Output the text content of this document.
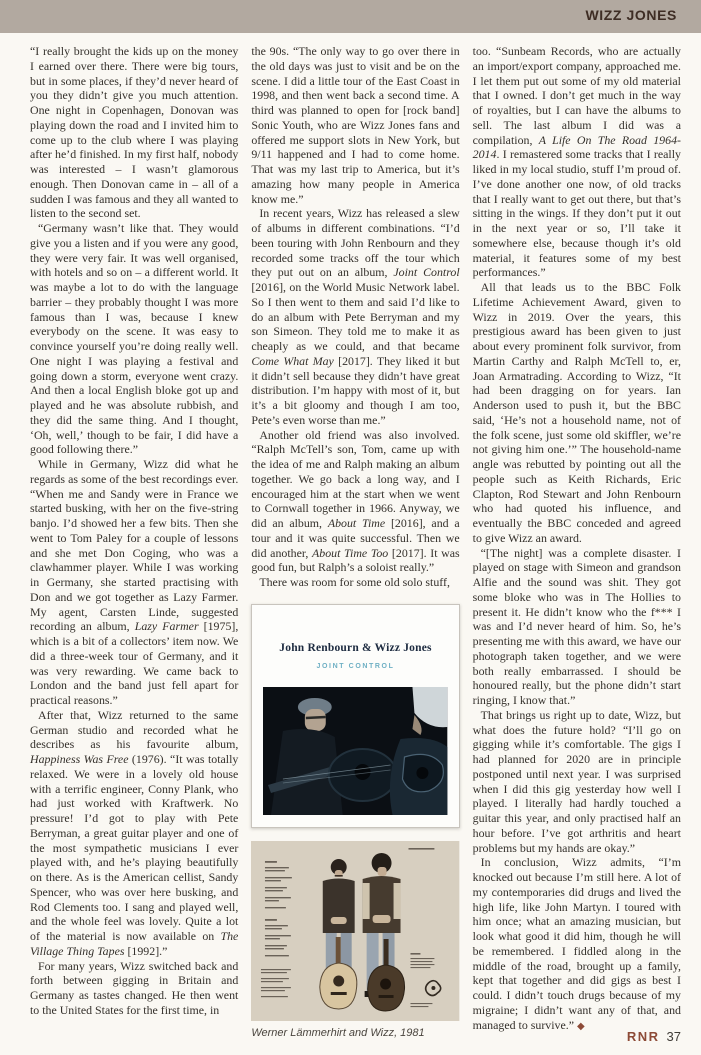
WIZZ JONES

“I really brought the kids up on the money I earned over there. There were big tours, but in some places, if they’d never heard of you they didn’t give you much attention. One night in Copenhagen, Donovan was playing down the road and I invited him to come up to the club where I was playing after he’d finished. In my first half, nobody was interested – I wasn’t glamorous enough. Then Donovan came in – all of a sudden I was famous and they all wanted to listen to the second set.

“Germany wasn’t like that. They would give you a listen and if you were any good, they were very fair. It was well organised, with hotels and so on – a different world. It was maybe a lot to do with the language barrier – they probably thought I was more famous than I was, because I knew everybody on the scene. It was easy to convince yourself you’re doing really well. One night I was playing a festival and going down a storm, everyone went crazy. And then a local English bloke got up and played and he was absolute rubbish, and they did the same thing. And I thought, ‘Oh, well,’ though to be fair, I did have a good following there.”

While in Germany, Wizz did what he regards as some of the best recordings ever. “When me and Sandy were in France we started busking, with her on the five-string banjo. I’d showed her a few bits. Then she went to Tom Paley for a couple of lessons and she met Don Coging, who was a clawhammer player. While I was working in Germany, she started practising with Don and we got together as Lazy Farmer. My agent, Carsten Linde, suggested recording an album, Lazy Farmer [1975], which is a bit of a collectors’ item now. We did a three-week tour of Germany, and it was very rewarding. We came back to London and the band just fell apart for practical reasons.”

After that, Wizz returned to the same German studio and recorded what he describes as his favourite album, Happiness Was Free (1976). “It was totally relaxed. We were in a lovely old house with a terrific engineer, Conny Plank, who had just worked with Kraftwerk. No pressure! I’d got to play with Pete Berryman, a great guitar player and one of the most sympathetic musicians I ever played with, and he’s playing beautifully on there. As is the American cellist, Sandy Spencer, who was over here busking, and Rod Clements too. I sang and played well, and the whole feel was lovely. Quite a lot of the material is now available on The Village Thing Tapes [1992].”

For many years, Wizz switched back and forth between gigging in Britain and Germany as tastes changed. He then went to the United States for the first time, in

the 90s. “The only way to go over there in the old days was just to visit and be on the scene. I did a little tour of the East Coast in 1998, and then went back a second time. A third was planned to open for [rock band] Sonic Youth, who are Wizz Jones fans and offered me support slots in New York, but 9/11 happened and I had to come home. That was my last trip to America, but it’s amazing how many people in America know me.”

In recent years, Wizz has released a slew of albums in different combinations. “I’d been touring with John Renbourn and they recorded some tracks off the tour which they put out on an album, Joint Control [2016], on the World Music Network label. So I then went to them and said I’d like to do an album with Pete Berryman and my son Simeon. They told me to make it as cheaply as we could, and that became Come What May [2017]. They liked it but it didn’t sell because they didn’t have great distribution. I’m happy with most of it, but it’s a bit gloomy and though I am too, Pete’s even worse than me.”

Another old friend was also involved. “Ralph McTell’s son, Tom, came up with the idea of me and Ralph making an album together. We go back a long way, and I encouraged him at the start when we went to Cornwall together in 1966. Anyway, we did an album, About Time [2016], and a tour and it was quite successful. Then we did another, About Time Too [2017]. It was good fun, but Ralph’s a soloist really.”

There was room for some old solo stuff,

John Renbourn & Wizz Jones
JOINT CONTROL
Werner Lämmerhirt and Wizz, 1981

too. “Sunbeam Records, who are actually an import/export company, approached me. I let them put out some of my old material that I owned. I don’t get much in the way of royalties, but I can have the albums to sell. The last album I did was a compilation, A Life On The Road 1964-2014. I remastered some tracks that I really liked in my local studio, stuff I’m proud of. I’ve done another one now, of old tracks that I really want to get out there, but that’s sitting in the wings. If they don’t put it out in the next year or so, I’ll take it somewhere else, because though it’s old material, it features some of my best performances.”

All that leads us to the BBC Folk Lifetime Achievement Award, given to Wizz in 2019. Over the years, this prestigious award has been given to just about every prominent folk survivor, from Martin Carthy and Ralph McTell to, er, Joan Armatrading. According to Wizz, “It had been dragging on for years. Ian Anderson used to push it, but the BBC said, ‘He’s not a household name, not of the folk scene, just some old skiffler, we’re not giving him one.’” The household-name angle was rebutted by pointing out all the people such as Keith Richards, Eric Clapton, Rod Stewart and John Renbourn who had quoted his influence, and eventually the BBC conceded and agreed to give Wizz an award.

“[The night] was a complete disaster. I played on stage with Simeon and grandson Alfie and the sound was shit. They got some bloke who was in The Hollies to present it. He didn’t know who the f*** I was and I’d never heard of him. So, he’s presenting me with this award, we have our photograph taken together, and we were both really embarrassed. I should be honoured really, but the phone didn’t start ringing, I know that.”

That brings us right up to date, Wizz, but what does the future hold? “I’ll go on gigging while it’s comfortable. The gigs I had planned for 2020 are in principle postponed until next year. I was surprised when I did this gig yesterday how well I played. I literally had hardly touched a guitar this year, and only practised half an hour before. I’ve got arthritis and heart problems but my hands are okay.”

In conclusion, Wizz admits, “I’m knocked out because I’m still here. A lot of my contemporaries did drugs and lived the high life, like John Martyn. I toured with him once; what an amazing musician, but look what good it did him, though he will be remembered. I fiddled along in the middle of the road, brought up a family, kept that together and did gigs as best I could. I didn’t touch drugs because of my migraine; I didn’t want any of that, and managed to survive.” ◆

RNR 37
